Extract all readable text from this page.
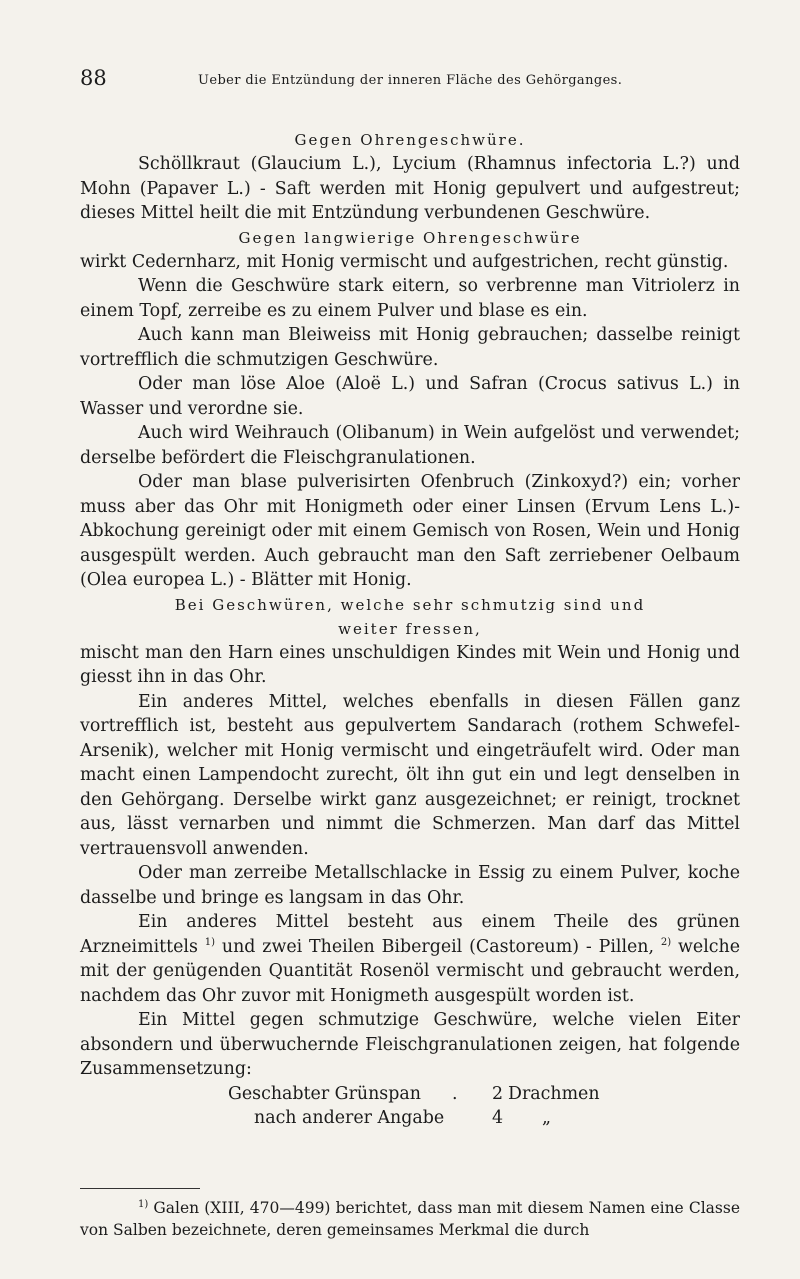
88	Ueber die Entzündung der inneren Fläche des Gehörganges.

Gegen Ohrengeschwüre.

Schöllkraut (Glaucium L.), Lycium (Rhamnus infectoria L.?) und Mohn (Papaver L.) - Saft werden mit Honig gepulvert und aufgestreut; dieses Mittel heilt die mit Entzündung verbundenen Geschwüre.

Gegen langwierige Ohrengeschwüre

wirkt Cedernharz, mit Honig vermischt und aufgestrichen, recht günstig.

Wenn die Geschwüre stark eitern, so verbrenne man Vitriolerz in einem Topf, zerreibe es zu einem Pulver und blase es ein.

Auch kann man Bleiweiss mit Honig gebrauchen; dasselbe reinigt vortrefflich die schmutzigen Geschwüre.

Oder man löse Aloe (Aloë L.) und Safran (Crocus sativus L.) in Wasser und verordne sie.

Auch wird Weihrauch (Olibanum) in Wein aufgelöst und verwendet; derselbe befördert die Fleischgranulationen.

Oder man blase pulverisirten Ofenbruch (Zinkoxyd?) ein; vorher muss aber das Ohr mit Honigmeth oder einer Linsen (Ervum Lens L.)-Abkochung gereinigt oder mit einem Gemisch von Rosen, Wein und Honig ausgespült werden. Auch gebraucht man den Saft zerriebener Oelbaum (Olea europea L.) - Blätter mit Honig.

Bei Geschwüren, welche sehr schmutzig sind und
weiter fressen,

mischt man den Harn eines unschuldigen Kindes mit Wein und Honig und giesst ihn in das Ohr.

Ein anderes Mittel, welches ebenfalls in diesen Fällen ganz vortrefflich ist, besteht aus gepulvertem Sandarach (rothem Schwefel-Arsenik), welcher mit Honig vermischt und eingeträufelt wird. Oder man macht einen Lampendocht zurecht, ölt ihn gut ein und legt denselben in den Gehörgang. Derselbe wirkt ganz ausgezeichnet; er reinigt, trocknet aus, lässt vernarben und nimmt die Schmerzen. Man darf das Mittel vertrauensvoll anwenden.

Oder man zerreibe Metallschlacke in Essig zu einem Pulver, koche dasselbe und bringe es langsam in das Ohr.

Ein anderes Mittel besteht aus einem Theile des grünen Arzneimittels $^{1)}$ und zwei Theilen Bibergeil (Castoreum) - Pillen, $^{2)}$ welche mit der genügenden Quantität Rosenöl vermischt und gebraucht werden, nachdem das Ohr zuvor mit Honigmeth ausgespült worden ist.

Ein Mittel gegen schmutzige Geschwüre, welche vielen Eiter absondern und überwuchernde Fleischgranulationen zeigen, hat folgende Zusammensetzung:

Geschabter Grünspan . 2 Drachmen
nach anderer Angabe	4 „

$^{1)}$ Galen (XIII, 470—499) berichtet, dass man mit diesem Namen eine Classe von Salben bezeichnete, deren gemeinsames Merkmal die durch
